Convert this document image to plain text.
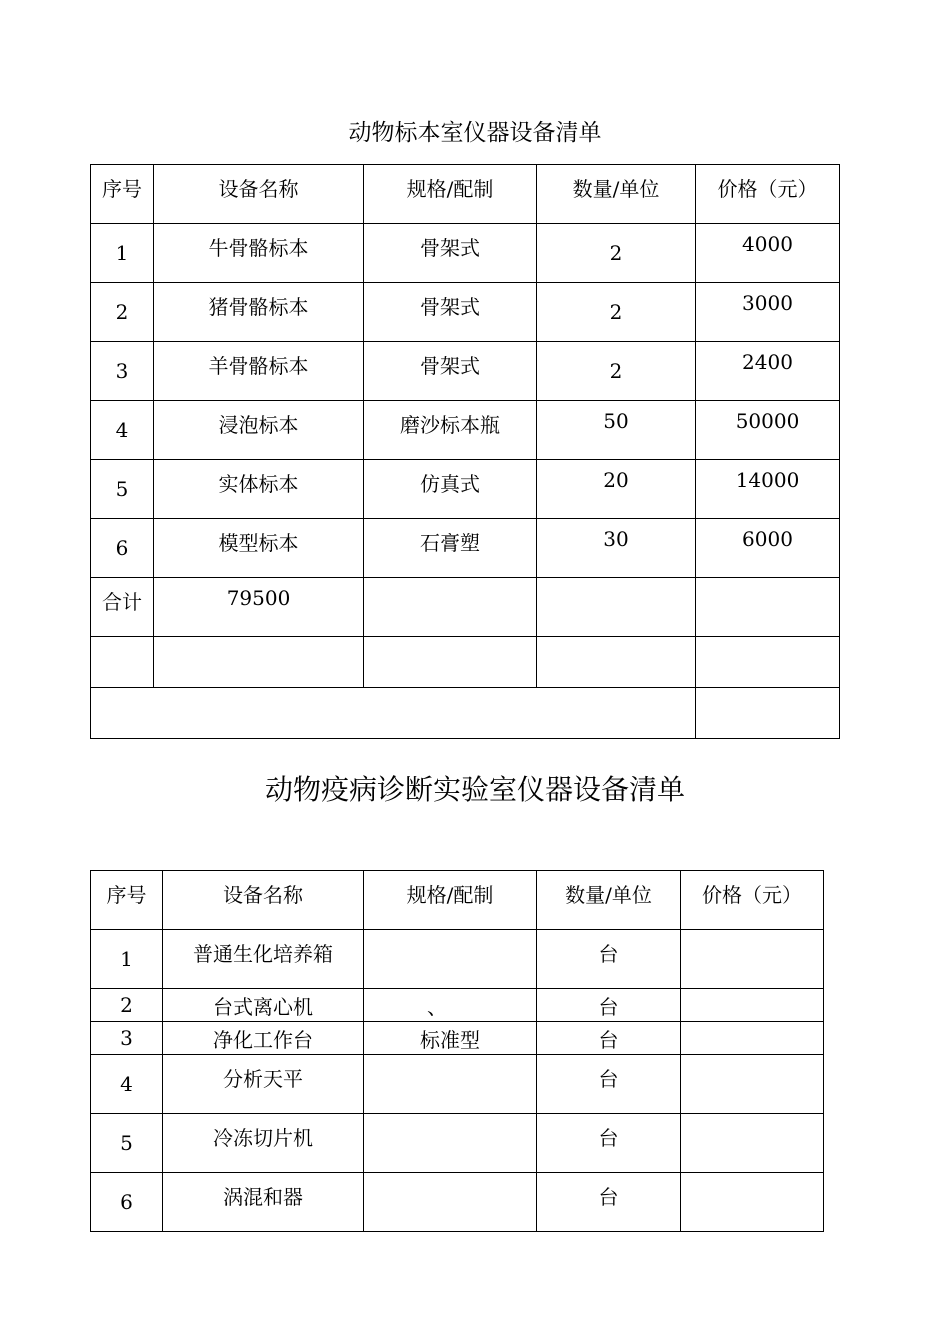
动物标本室仪器设备清单
序号	设备名称	规格/配制	数量/单位	价格（元）
1	牛骨骼标本	骨架式	2	4000
2	猪骨骼标本	骨架式	2	3000
3	羊骨骼标本	骨架式	2	2400
4	浸泡标本	磨沙标本瓶	50	50000
5	实体标本	仿真式	20	14000
6	模型标本	石膏塑	30	6000
合计	79500			

动物疫病诊断实验室仪器设备清单
序号	设备名称	规格/配制	数量/单位	价格（元）
1	普通生化培养箱		台	
2	台式离心机	、	台	
3	净化工作台	标准型	台	
4	分析天平		台	
5	冷冻切片机		台	
6	涡混和器		台	
